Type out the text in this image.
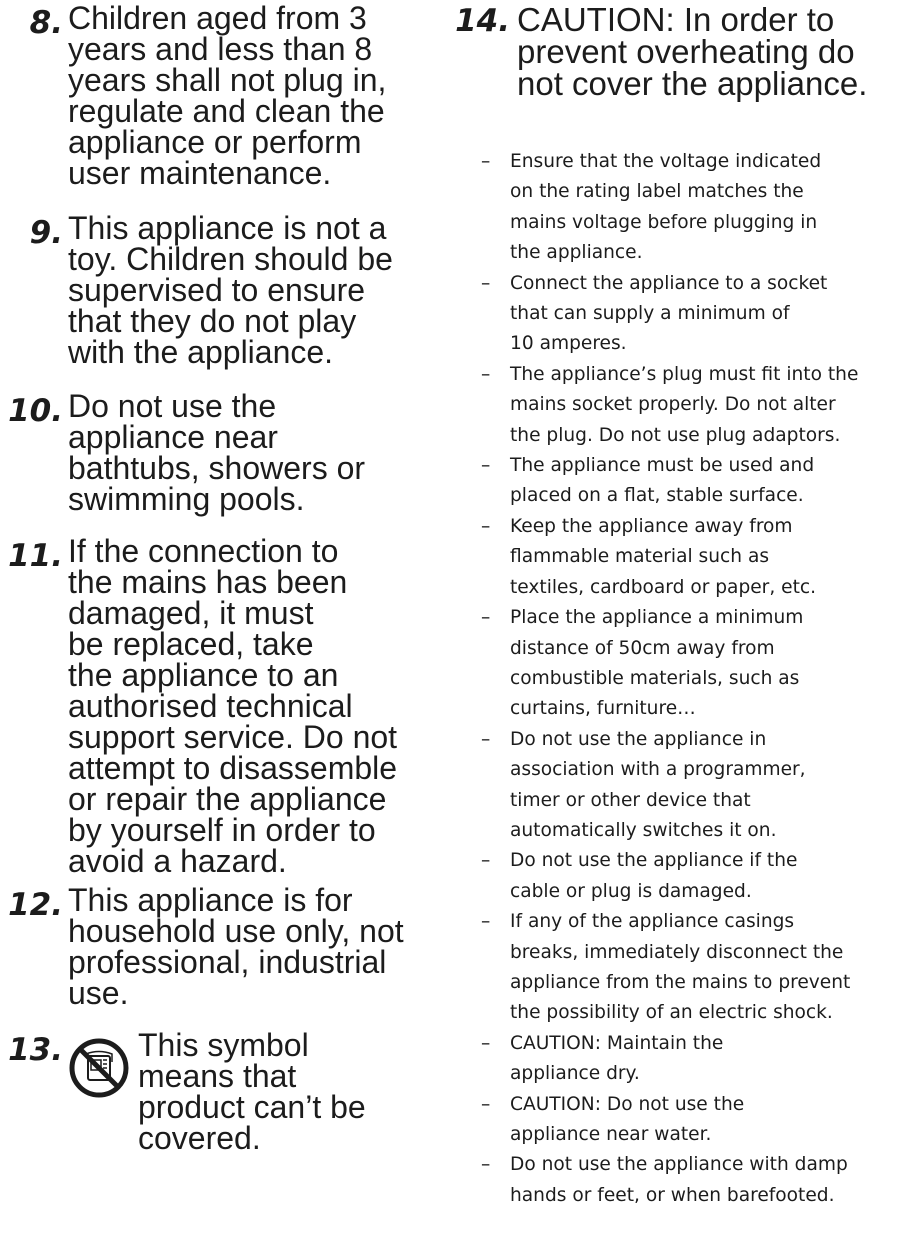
8. Children aged from 3
years and less than 8
years shall not plug in,
regulate and clean the
appliance or perform
user maintenance.
9. This appliance is not a
toy. Children should be
supervised to ensure
that they do not play
with the appliance.
10. Do not use the
appliance near
bathtubs, showers or
swimming pools.
11. If the connection to
the mains has been
damaged, it must
be replaced, take
the appliance to an
authorised technical
support service. Do not
attempt to disassemble
or repair the appliance
by yourself in order to
avoid a hazard.
12. This appliance is for
household use only, not
professional, industrial
use.
13. This symbol
means that
product can’t be
covered.
14. CAUTION: In order to
prevent overheating do
not cover the appliance.
– Ensure that the voltage indicated
on the rating label matches the
mains voltage before plugging in
the appliance.
– Connect the appliance to a socket
that can supply a minimum of
10 amperes.
– The appliance’s plug must fit into the
mains socket properly. Do not alter
the plug. Do not use plug adaptors.
– The appliance must be used and
placed on a flat, stable surface.
– Keep the appliance away from
flammable material such as
textiles, cardboard or paper, etc.
– Place the appliance a minimum
distance of 50cm away from
combustible materials, such as
curtains, furniture…
– Do not use the appliance in
association with a programmer,
timer or other device that
automatically switches it on.
– Do not use the appliance if the
cable or plug is damaged.
– If any of the appliance casings
breaks, immediately disconnect the
appliance from the mains to prevent
the possibility of an electric shock.
– CAUTION: Maintain the
appliance dry.
– CAUTION: Do not use the
appliance near water.
– Do not use the appliance with damp
hands or feet, or when barefooted.
